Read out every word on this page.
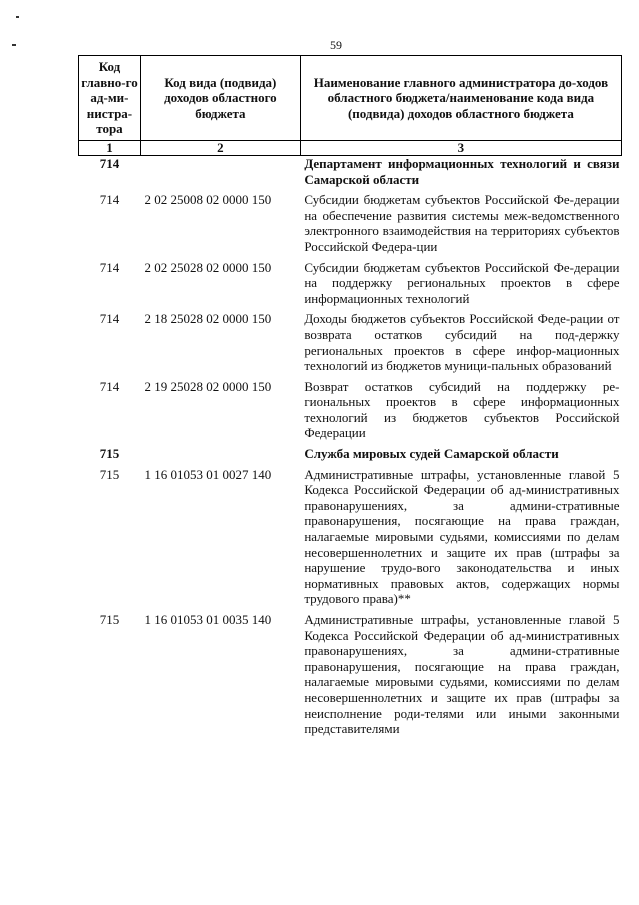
59
Код главно-го ад-ми-нистра-тора	Код вида (подвида) доходов областного бюджета	Наименование главного администратора до-ходов областного бюджета/наименование кода вида (подвида) доходов областного бюджета
1	2	3
714		Департамент информационных технологий и связи Самарской области
714	2 02 25008 02 0000 150	Субсидии бюджетам субъектов Российской Фе-дерации на обеспечение развития системы меж-ведомственного электронного взаимодействия на территориях субъектов Российской Федера-ции
714	2 02 25028 02 0000 150	Субсидии бюджетам субъектов Российской Фе-дерации на поддержку региональных проектов в сфере информационных технологий
714	2 18 25028 02 0000 150	Доходы бюджетов субъектов Российской Феде-рации от возврата остатков субсидий на под-держку региональных проектов в сфере инфор-мационных технологий из бюджетов муници-пальных образований
714	2 19 25028 02 0000 150	Возврат остатков субсидий на поддержку ре-гиональных проектов в сфере информационных технологий из бюджетов субъектов Российской Федерации
715		Служба мировых судей Самарской области
715	1 16 01053 01 0027 140	Административные штрафы, установленные главой 5 Кодекса Российской Федерации об ад-министративных правонарушениях, за админи-стративные правонарушения, посягающие на права граждан, налагаемые мировыми судьями, комиссиями по делам несовершеннолетних и защите их прав (штрафы за нарушение трудо-вого законодательства и иных нормативных правовых актов, содержащих нормы трудового права)**
715	1 16 01053 01 0035 140	Административные штрафы, установленные главой 5 Кодекса Российской Федерации об ад-министративных правонарушениях, за админи-стративные правонарушения, посягающие на права граждан, налагаемые мировыми судьями, комиссиями по делам несовершеннолетних и защите их прав (штрафы за неисполнение роди-телями или иными законными представителями
